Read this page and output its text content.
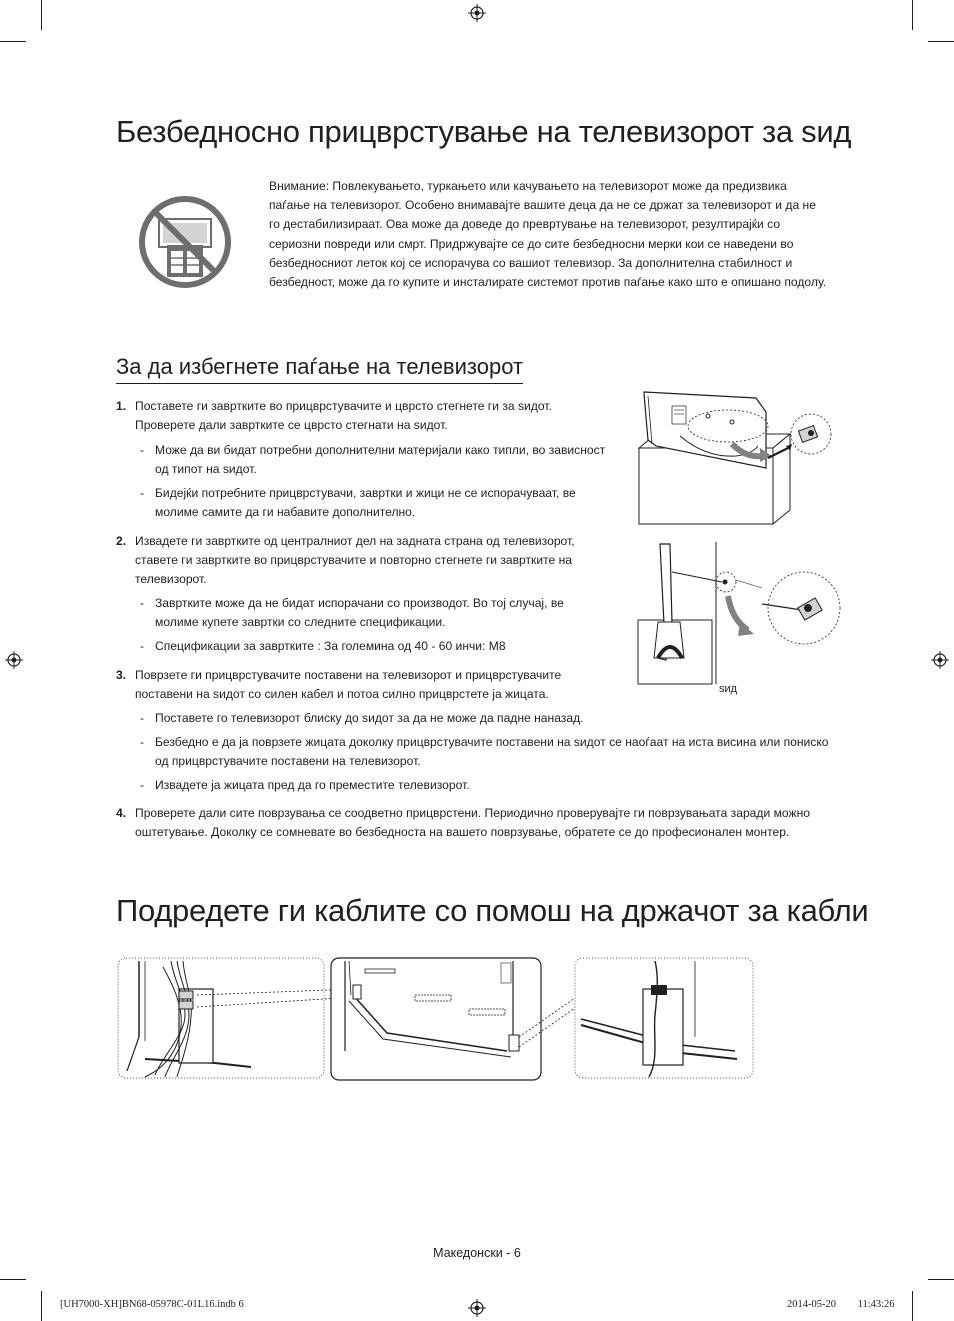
Безбедносно прицврстување на телевизорот за ѕид
Внимание: Повлекувањето, туркањето или качувањето на телевизорот може да предизвика паѓање на телевизорот. Особено внимавајте вашите деца да не се држат за телевизорот и да не го дестабилизираат. Ова може да доведе до превртување на телевизорот, резултирајќи со сериозни повреди или смрт. Придржувајте се до сите безбедносни мерки кои се наведени во безбедносниот леток кој се испорачува со вашиот телевизор. За дополнителна стабилност и безбедност, може да го купите и инсталирате системот против паѓање како што е опишано подолу.
За да избегнете паѓање на телевизорот
1. Поставете ги завртките во прицврстувачите и цврсто стегнете ги за ѕидот.
Проверете дали завртките се цврсто стегнати на ѕидот.
- Може да ви бидат потребни дополнителни материјали како типли, во зависност
од типот на ѕидот.
- Бидејќи потребните прицврстувачи, завртки и жици не се испорачуваат, ве
молиме самите да ги набавите дополнително.
2. Извадете ги завртките од централниот дел на задната страна од телевизорот,
ставете ги завртките во прицврстувачите и повторно стегнете ги завртките на
телевизорот.
- Завртките може да не бидат испорачани со производот. Во тој случај, ве
молиме купете завртки со следните спецификации.
- Спецификации за завртките : За големина од 40 - 60 инчи: M8
3. Поврзете ги прицврстувачите поставени на телевизорот и прицврстувачите
поставени на ѕидот со силен кабел и потоа силно прицврстете ја жицата.
- Поставете го телевизорот блиску до ѕидот за да не може да падне наназад.
- Безбедно е да ја поврзете жицата доколку прицврстувачите поставени на ѕидот се наоѓаат на иста висина или пониско
од прицврстувачите поставени на телевизорот.
- Извадете ја жицата пред да го преместите телевизорот.
4. Проверете дали сите поврзувања се соодветно прицврстени. Периодично проверувајте ги поврзувањата заради можно
оштетување. Доколку се сомневате во безбедноста на вашето поврзување, обратете се до професионален монтер.
ѕид
Подредете ги каблите со помош на држачот за кабли
Македонски - 6
[UH7000-XH]BN68-05978C-01L16.indb 6	2014-05-20 ￿￿ 11:43:26
